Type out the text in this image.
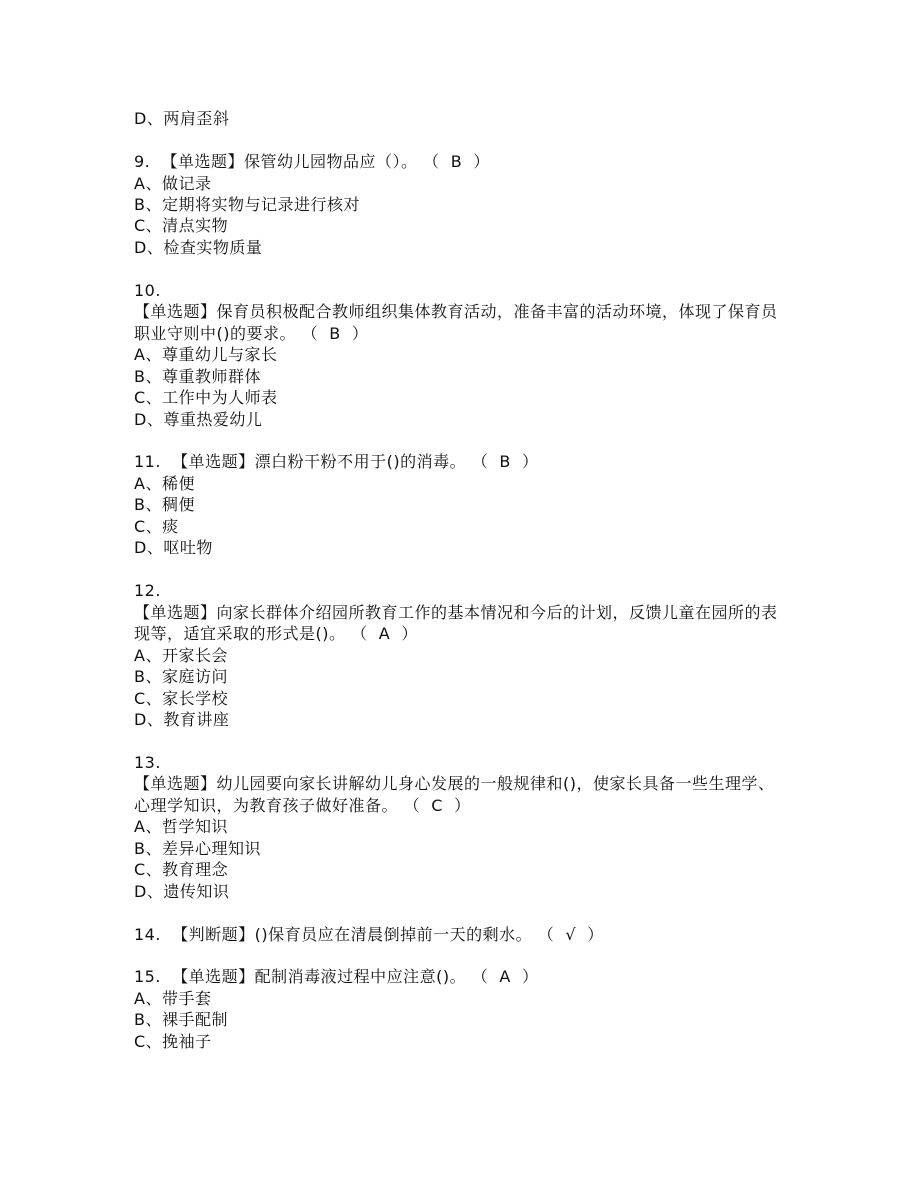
D、两肩歪斜
9.  【单选题】保管幼儿园物品应（）。 （  B  ）
A、做记录
B、定期将实物与记录进行核对
C、清点实物
D、检查实物质量
10.
【单选题】保育员积极配合教师组织集体教育活动，准备丰富的活动环境，体现了保育员
职业守则中()的要求。 （  B  ）
A、尊重幼儿与家长
B、尊重教师群体
C、工作中为人师表
D、尊重热爱幼儿
11.  【单选题】漂白粉干粉不用于()的消毒。 （  B  ）
A、稀便
B、稠便
C、痰
D、呕吐物
12.
【单选题】向家长群体介绍园所教育工作的基本情况和今后的计划，反馈儿童在园所的表
现等，适宜采取的形式是()。 （  A  ）
A、开家长会
B、家庭访问
C、家长学校
D、教育讲座
13.
【单选题】幼儿园要向家长讲解幼儿身心发展的一般规律和()，使家长具备一些生理学、
心理学知识，为教育孩子做好准备。 （  C  ）
A、哲学知识
B、差异心理知识
C、教育理念
D、遗传知识
14.  【判断题】()保育员应在清晨倒掉前一天的剩水。 （  √  ）
15.  【单选题】配制消毒液过程中应注意()。 （  A  ）
A、带手套
B、裸手配制
C、挽袖子
